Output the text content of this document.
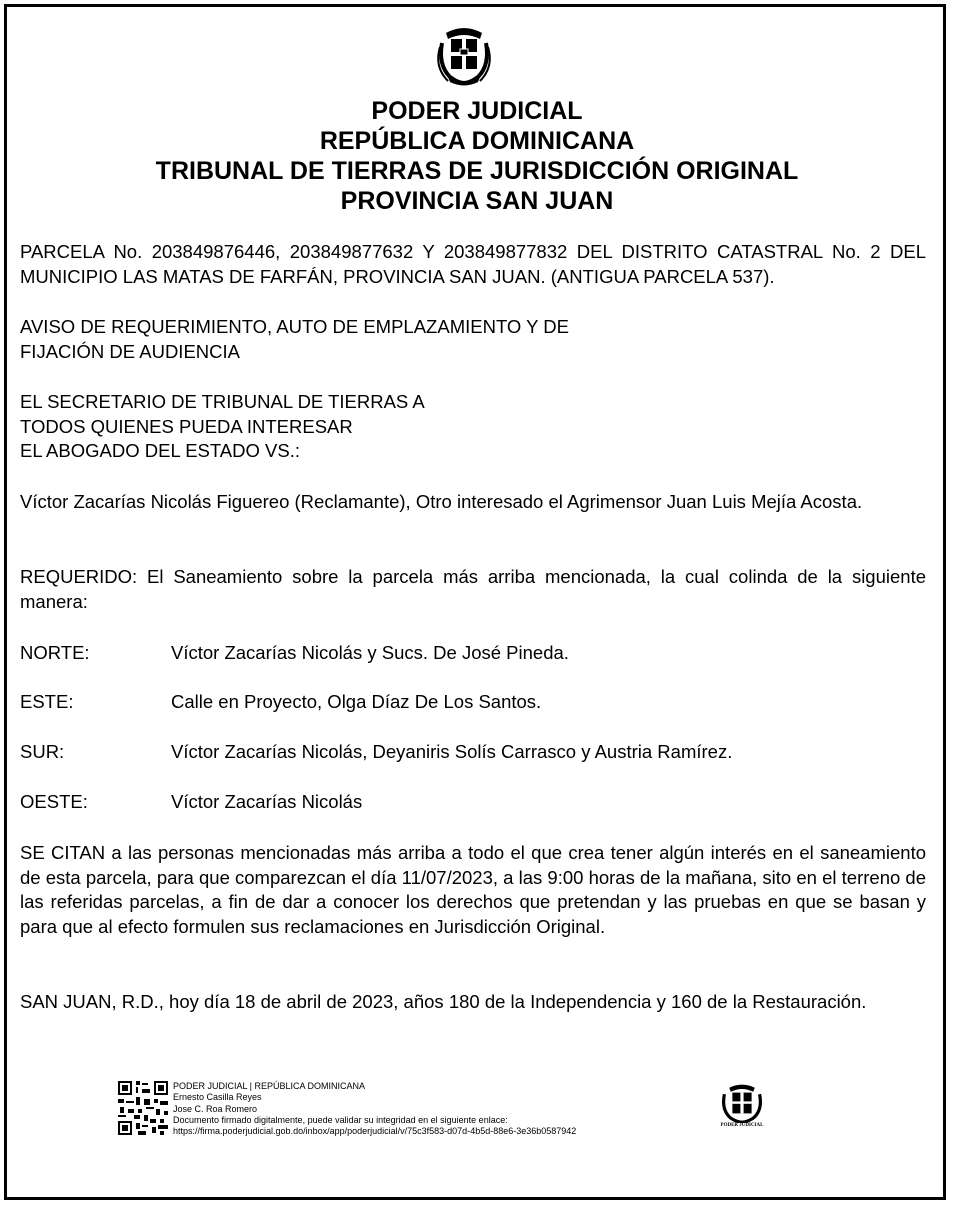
PODER JUDICIAL
REPÚBLICA DOMINICANA
TRIBUNAL DE TIERRAS DE JURISDICCIÓN ORIGINAL
PROVINCIA SAN JUAN
PARCELA No. 203849876446, 203849877632 Y 203849877832 DEL DISTRITO CATASTRAL No. 2 DEL MUNICIPIO LAS MATAS DE FARFÁN, PROVINCIA SAN JUAN. (ANTIGUA PARCELA 537).
AVISO DE REQUERIMIENTO, AUTO DE EMPLAZAMIENTO Y DE
FIJACIÓN DE AUDIENCIA
EL SECRETARIO DE TRIBUNAL DE TIERRAS A
TODOS QUIENES PUEDA INTERESAR
EL ABOGADO DEL ESTADO VS.:
Víctor Zacarías Nicolás Figuereo (Reclamante), Otro interesado el Agrimensor Juan Luis Mejía Acosta.
REQUERIDO: El Saneamiento sobre la parcela más arriba mencionada, la cual colinda de la siguiente manera:
NORTE:	Víctor Zacarías Nicolás y Sucs. De José Pineda.
ESTE:	Calle en Proyecto, Olga Díaz De Los Santos.
SUR:	Víctor Zacarías Nicolás, Deyaniris Solís Carrasco y Austria Ramírez.
OESTE:	Víctor Zacarías Nicolás
SE CITAN a las personas mencionadas más arriba a todo el que crea tener algún interés en el saneamiento de esta parcela, para que comparezcan el día 11/07/2023, a las 9:00 horas de la mañana, sito en el terreno de las referidas parcelas, a fin de dar a conocer los derechos que pretendan y las pruebas en que se basan y para que al efecto formulen sus reclamaciones en Jurisdicción Original.
SAN JUAN, R.D., hoy día 18 de abril de 2023, años 180 de la Independencia y 160 de la Restauración.
PODER JUDICIAL | REPÚBLICA DOMINICANA
Ernesto Casilla Reyes
Jose C. Roa Romero
Documento firmado digitalmente, puede validar su integridad en el siguiente enlace:
https://firma.poderjudicial.gob.do/inbox/app/poderjudicial/v/75c3f583-d07d-4b5d-88e6-3e36b0587942
PODER JUDICIAL
